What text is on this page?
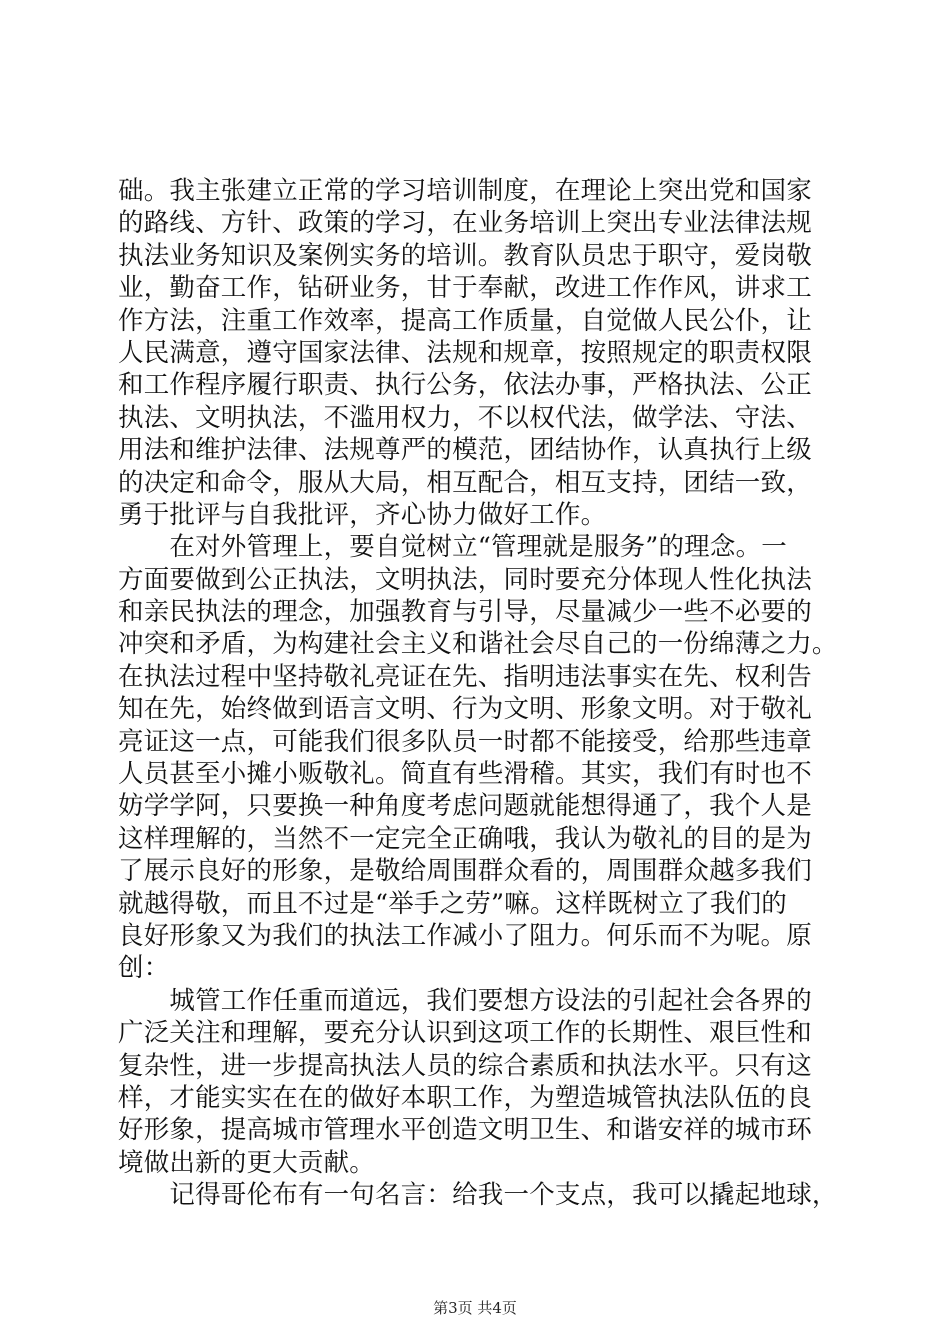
础。我主张建立正常的学习培训制度，在理论上突出党和国家
的路线、方针、政策的学习，在业务培训上突出专业法律法规
执法业务知识及案例实务的培训。教育队员忠于职守，爱岗敬
业，勤奋工作，钻研业务，甘于奉献，改进工作作风，讲求工
作方法，注重工作效率，提高工作质量，自觉做人民公仆，让
人民满意，遵守国家法律、法规和规章，按照规定的职责权限
和工作程序履行职责、执行公务，依法办事，严格执法、公正
执法、文明执法，不滥用权力，不以权代法，做学法、守法、
用法和维护法律、法规尊严的模范，团结协作，认真执行上级
的决定和命令，服从大局，相互配合，相互支持，团结一致，
勇于批评与自我批评，齐心协力做好工作。
　　在对外管理上，要自觉树立“管理就是服务”的理念。一
方面要做到公正执法，文明执法，同时要充分体现人性化执法
和亲民执法的理念，加强教育与引导，尽量减少一些不必要的
冲突和矛盾，为构建社会主义和谐社会尽自己的一份绵薄之力。
在执法过程中坚持敬礼亮证在先、指明违法事实在先、权利告
知在先，始终做到语言文明、行为文明、形象文明。对于敬礼
亮证这一点，可能我们很多队员一时都不能接受，给那些违章
人员甚至小摊小贩敬礼。简直有些滑稽。其实，我们有时也不
妨学学阿，只要换一种角度考虑问题就能想得通了，我个人是
这样理解的，当然不一定完全正确哦，我认为敬礼的目的是为
了展示良好的形象，是敬给周围群众看的，周围群众越多我们
就越得敬，而且不过是“举手之劳”嘛。这样既树立了我们的
良好形象又为我们的执法工作减小了阻力。何乐而不为呢。原
创：
　　城管工作任重而道远，我们要想方设法的引起社会各界的
广泛关注和理解，要充分认识到这项工作的长期性、艰巨性和
复杂性，进一步提高执法人员的综合素质和执法水平。只有这
样，才能实实在在的做好本职工作，为塑造城管执法队伍的良
好形象，提高城市管理水平创造文明卫生、和谐安祥的城市环
境做出新的更大贡献。
　　记得哥伦布有一句名言：给我一个支点，我可以撬起地球，
第3页 共4页
